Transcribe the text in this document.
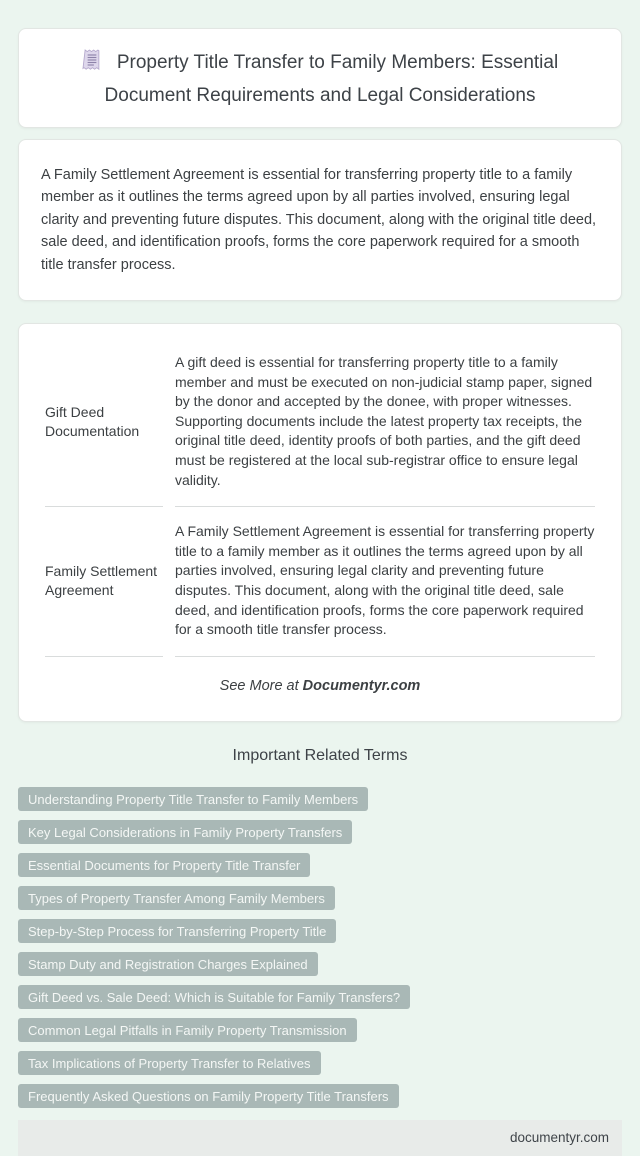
Property Title Transfer to Family Members: Essential Document Requirements and Legal Considerations

A Family Settlement Agreement is essential for transferring property title to a family member as it outlines the terms agreed upon by all parties involved, ensuring legal clarity and preventing future disputes. This document, along with the original title deed, sale deed, and identification proofs, forms the core paperwork required for a smooth title transfer process.

Gift Deed Documentation	A gift deed is essential for transferring property title to a family member and must be executed on non-judicial stamp paper, signed by the donor and accepted by the donee, with proper witnesses. Supporting documents include the latest property tax receipts, the original title deed, identity proofs of both parties, and the gift deed must be registered at the local sub-registrar office to ensure legal validity.
Family Settlement Agreement	A Family Settlement Agreement is essential for transferring property title to a family member as it outlines the terms agreed upon by all parties involved, ensuring legal clarity and preventing future disputes. This document, along with the original title deed, sale deed, and identification proofs, forms the core paperwork required for a smooth title transfer process.
See More at Documentyr.com
Important Related Terms
Understanding Property Title Transfer to Family Members
Key Legal Considerations in Family Property Transfers
Essential Documents for Property Title Transfer
Types of Property Transfer Among Family Members
Step-by-Step Process for Transferring Property Title
Stamp Duty and Registration Charges Explained
Gift Deed vs. Sale Deed: Which is Suitable for Family Transfers?
Common Legal Pitfalls in Family Property Transmission
Tax Implications of Property Transfer to Relatives
Frequently Asked Questions on Family Property Title Transfers
documentyr.com
